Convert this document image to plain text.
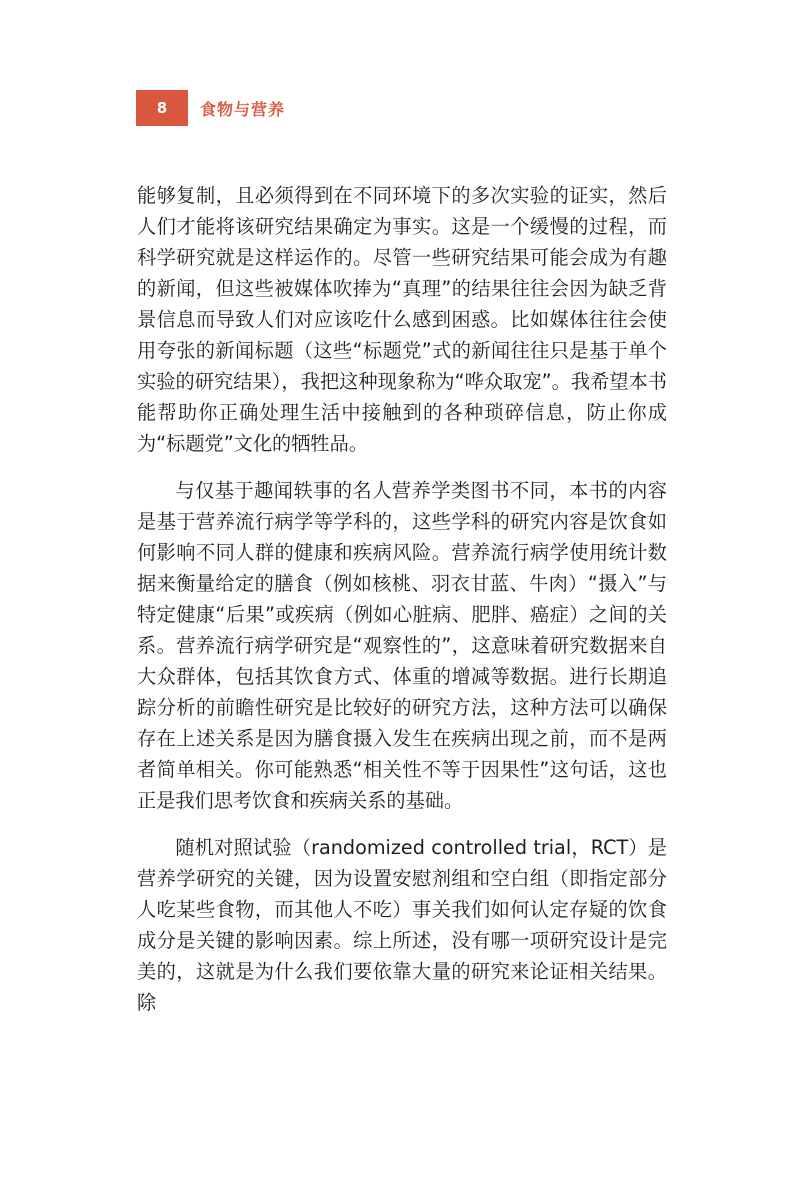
8 食物与营养

能够复制，且必须得到在不同环境下的多次实验的证实，然后人们才能将该研究结果确定为事实。这是一个缓慢的过程，而科学研究就是这样运作的。尽管一些研究结果可能会成为有趣的新闻，但这些被媒体吹捧为“真理”的结果往往会因为缺乏背景信息而导致人们对应该吃什么感到困惑。比如媒体往往会使用夸张的新闻标题（这些“标题党”式的新闻往往只是基于单个实验的研究结果），我把这种现象称为“哗众取宠”。我希望本书能帮助你正确处理生活中接触到的各种琐碎信息，防止你成为“标题党”文化的牺牲品。

与仅基于趣闻轶事的名人营养学类图书不同，本书的内容是基于营养流行病学等学科的，这些学科的研究内容是饮食如何影响不同人群的健康和疾病风险。营养流行病学使用统计数据来衡量给定的膳食（例如核桃、羽衣甘蓝、牛肉）“摄入”与特定健康“后果”或疾病（例如心脏病、肥胖、癌症）之间的关系。营养流行病学研究是“观察性的”，这意味着研究数据来自大众群体，包括其饮食方式、体重的增减等数据。进行长期追踪分析的前瞻性研究是比较好的研究方法，这种方法可以确保存在上述关系是因为膳食摄入发生在疾病出现之前，而不是两者简单相关。你可能熟悉“相关性不等于因果性”这句话，这也正是我们思考饮食和疾病关系的基础。

随机对照试验（randomized controlled trial，RCT）是营养学研究的关键，因为设置安慰剂组和空白组（即指定部分人吃某些食物，而其他人不吃）事关我们如何认定存疑的饮食成分是关键的影响因素。综上所述，没有哪一项研究设计是完美的，这就是为什么我们要依靠大量的研究来论证相关结果。除
